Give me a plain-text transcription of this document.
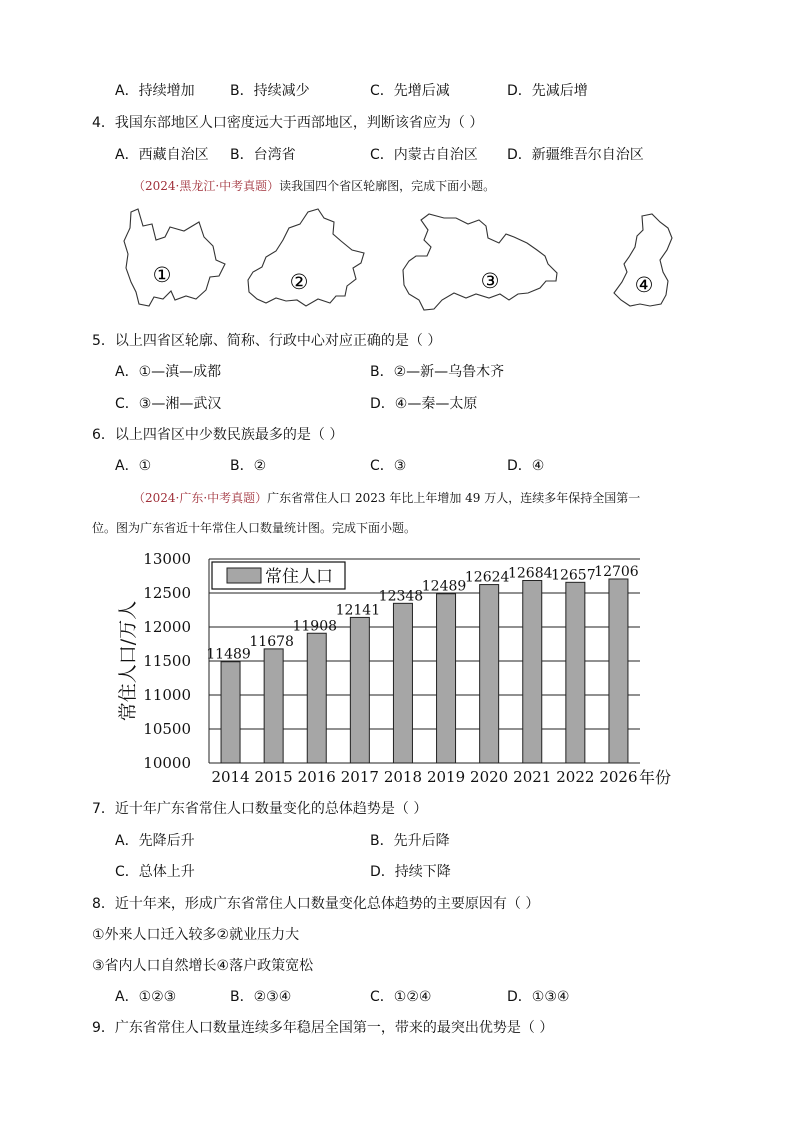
A．持续增加	B．持续减少	C．先增后减	D．先减后增
4．我国东部地区人口密度远大于西部地区，判断该省应为（ ）
A．西藏自治区 B．台湾省	C．内蒙古自治区 D．新疆维吾尔自治区
（2024·黑龙江·中考真题）读我国四个省区轮廓图，完成下面小题。
①	②	③	④
5．以上四省区轮廓、简称、行政中心对应正确的是（ ）
A．①—滇—成都	B．②—新—乌鲁木齐
C．③—湘—武汉	D．④—秦—太原
6．以上四省区中少数民族最多的是（ ）
A．①	B．②	C．③	D．④
（2024·广东·中考真题）广东省常住人口 2023 年比上年增加 49 万人，连续多年保持全国第一
位。图为广东省近十年常住人口数量统计图。完成下面小题。
10000
10500
11000
11500
12000
12500
13000
11489
2014
11678
2015
11908
2016
12141
2017
12348
2018
12489
2019
12624
2020
12684
2021
12657
2022
12706
2026 年份
常住人口/万人
常住人口
7．近十年广东省常住人口数量变化的总体趋势是（ ）
A．先降后升	B．先升后降
C．总体上升	D．持续下降
8．近十年来，形成广东省常住人口数量变化总体趋势的主要原因有（ ）
①外来人口迁入较多②就业压力大
③省内人口自然增长④落户政策宽松
A．①②③	B．②③④	C．①②④	D．①③④
9．广东省常住人口数量连续多年稳居全国第一，带来的最突出优势是（ ）
